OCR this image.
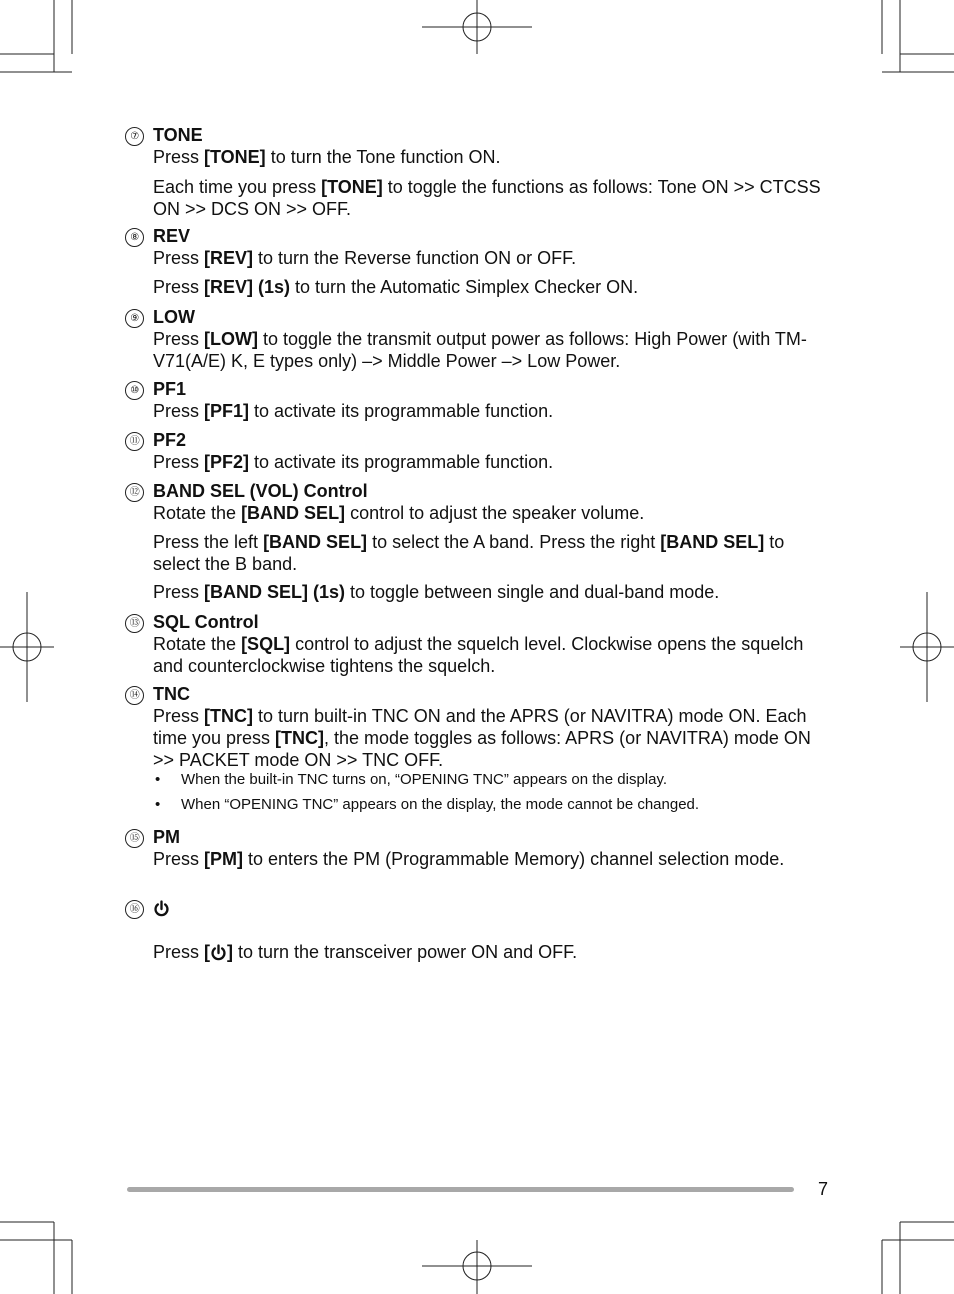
⑦ TONE
Press [TONE] to turn the Tone function ON.
Each time you press [TONE] to toggle the functions as follows: Tone ON >> CTCSS ON >> DCS ON >> OFF.
⑧ REV
Press [REV] to turn the Reverse function ON or OFF.
Press [REV] (1s) to turn the Automatic Simplex Checker ON.
⑨ LOW
Press [LOW] to toggle the transmit output power as follows: High Power (with TM-V71(A/E) K, E types only) –> Middle Power –> Low Power.
⑩ PF1
Press [PF1] to activate its programmable function.
⑪ PF2
Press [PF2] to activate its programmable function.
⑫ BAND SEL (VOL) Control
Rotate the [BAND SEL] control to adjust the speaker volume.
Press the left [BAND SEL] to select the A band. Press the right [BAND SEL] to select the B band.
Press [BAND SEL] (1s) to toggle between single and dual-band mode.
⑬ SQL Control
Rotate the [SQL] control to adjust the squelch level. Clockwise opens the squelch and counterclockwise tightens the squelch.
⑭ TNC
Press [TNC] to turn built-in TNC ON and the APRS (or NAVITRA) mode ON. Each time you press [TNC], the mode toggles as follows: APRS (or NAVITRA) mode ON >> PACKET mode ON >> TNC OFF.
• When the built-in TNC turns on, “OPENING TNC” appears on the display.
• When “OPENING TNC” appears on the display, the mode cannot be changed.
⑮ PM
Press [PM] to enters the PM (Programmable Memory) channel selection mode.
⑯
Press [ ] to turn the transceiver power ON and OFF.
7
